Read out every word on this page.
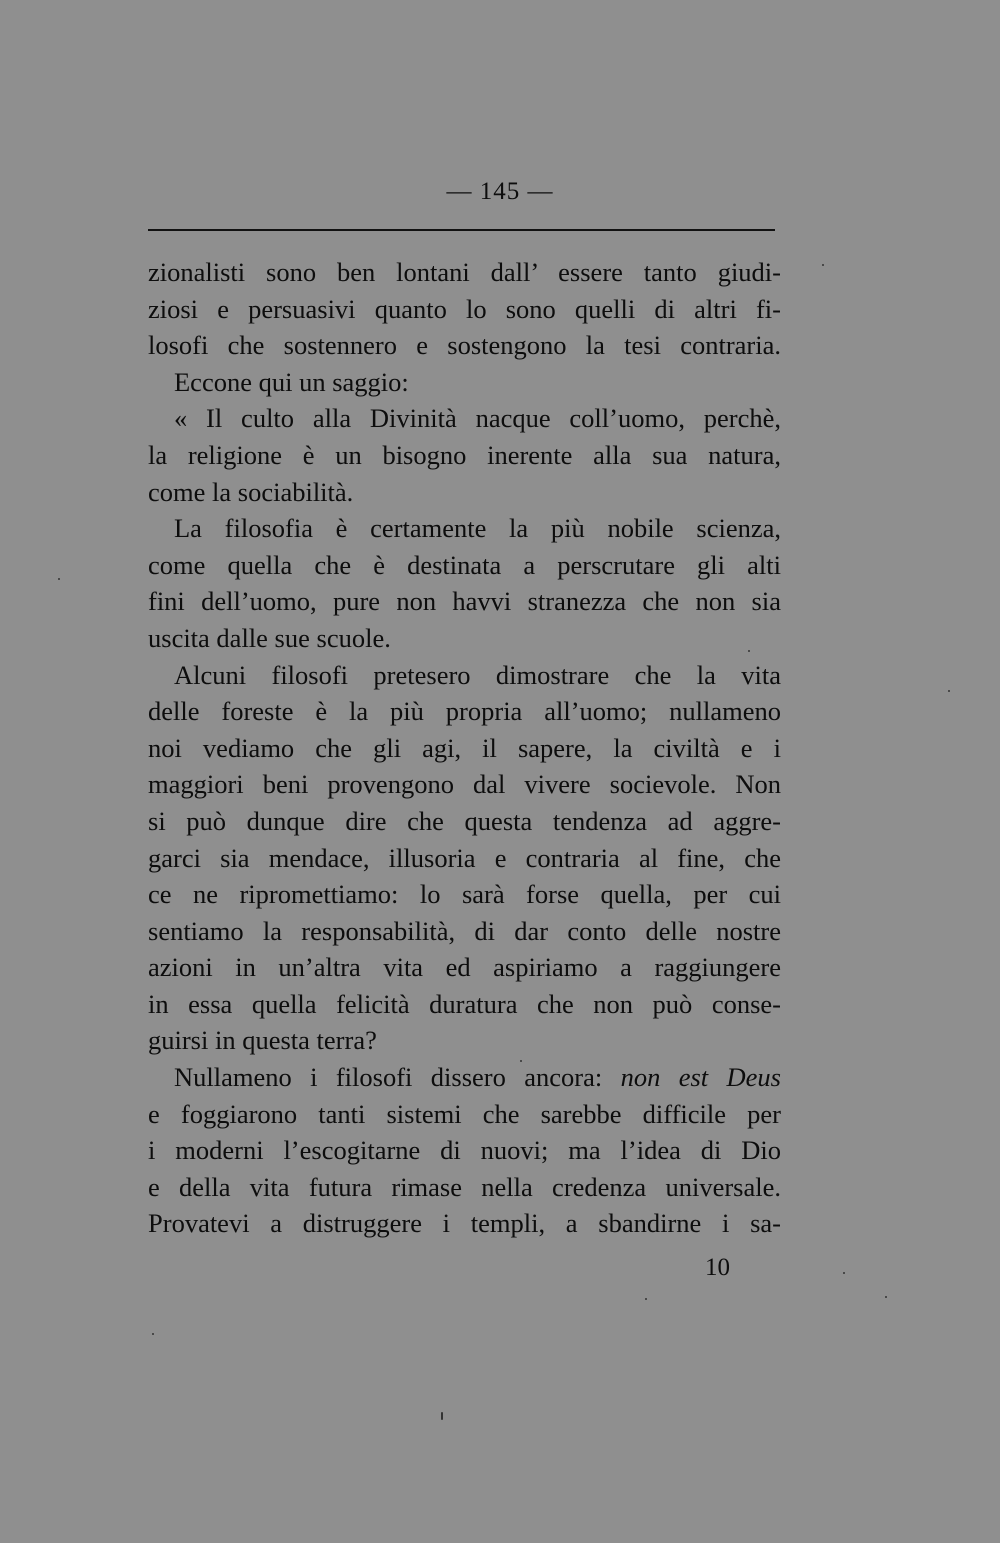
— 145 —
zionalisti sono ben lontani dall’ essere tanto giudi-
ziosi e persuasivi quanto lo sono quelli di altri fi-
losofi che sostennero e sostengono la tesi contraria.
Eccone qui un saggio:
« Il culto alla Divinità nacque coll’uomo, perchè,
la religione è un bisogno inerente alla sua natura,
come la sociabilità.
La filosofia è certamente la più nobile scienza,
come quella che è destinata a perscrutare gli alti
fini dell’uomo, pure non havvi stranezza che non sia
uscita dalle sue scuole.
Alcuni filosofi pretesero dimostrare che la vita
delle foreste è la più propria all’uomo; nullameno
noi vediamo che gli agi, il sapere, la civiltà e i
maggiori beni provengono dal vivere socievole. Non
si può dunque dire che questa tendenza ad aggre-
garci sia mendace, illusoria e contraria al fine, che
ce ne ripromettiamo: lo sarà forse quella, per cui
sentiamo la responsabilità, di dar conto delle nostre
azioni in un’altra vita ed aspiriamo a raggiungere
in essa quella felicità duratura che non può conse-
guirsi in questa terra?
Nullameno i filosofi dissero ancora: non est Deus
e foggiarono tanti sistemi che sarebbe difficile per
i moderni l’escogitarne di nuovi; ma l’idea di Dio
e della vita futura rimase nella credenza universale.
Provatevi a distruggere i templi, a sbandirne i sa-
10
